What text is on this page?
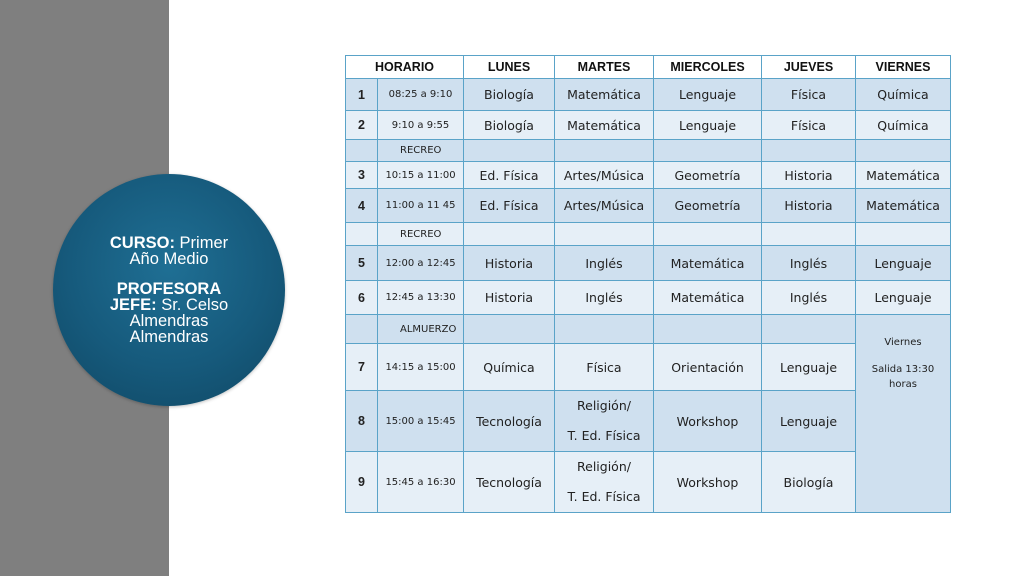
CURSO: Primer
Año Medio
PROFESORA
JEFE: Sr. Celso
Almendras
Almendras
HORARIO		LUNES	MARTES	MIERCOLES	JUEVES	VIERNES
1	08:25 a 9:10	Biología	Matemática	Lenguaje	Física	Química
2	9:10 a 9:55	Biología	Matemática	Lenguaje	Física	Química
	RECREO					
3	10:15 a 11:00	Ed. Física	Artes/Música	Geometría	Historia	Matemática
4	11:00 a 11 45	Ed. Física	Artes/Música	Geometría	Historia	Matemática
	RECREO					
5	12:00 a 12:45	Historia	Inglés	Matemática	Inglés	Lenguaje
6	12:45 a 13:30	Historia	Inglés	Matemática	Inglés	Lenguaje
	ALMUERZO					Viernes
Salida 13:30
horas

7	14:15 a 15:00	Química	Física	Orientación	Lenguaje	
8	15:00 a 15:45	Tecnología	Religión/
T. Ed. Física	Workshop	Lenguaje	
9	15:45 a 16:30	Tecnología	Religión/
T. Ed. Física	Workshop	Biología	
